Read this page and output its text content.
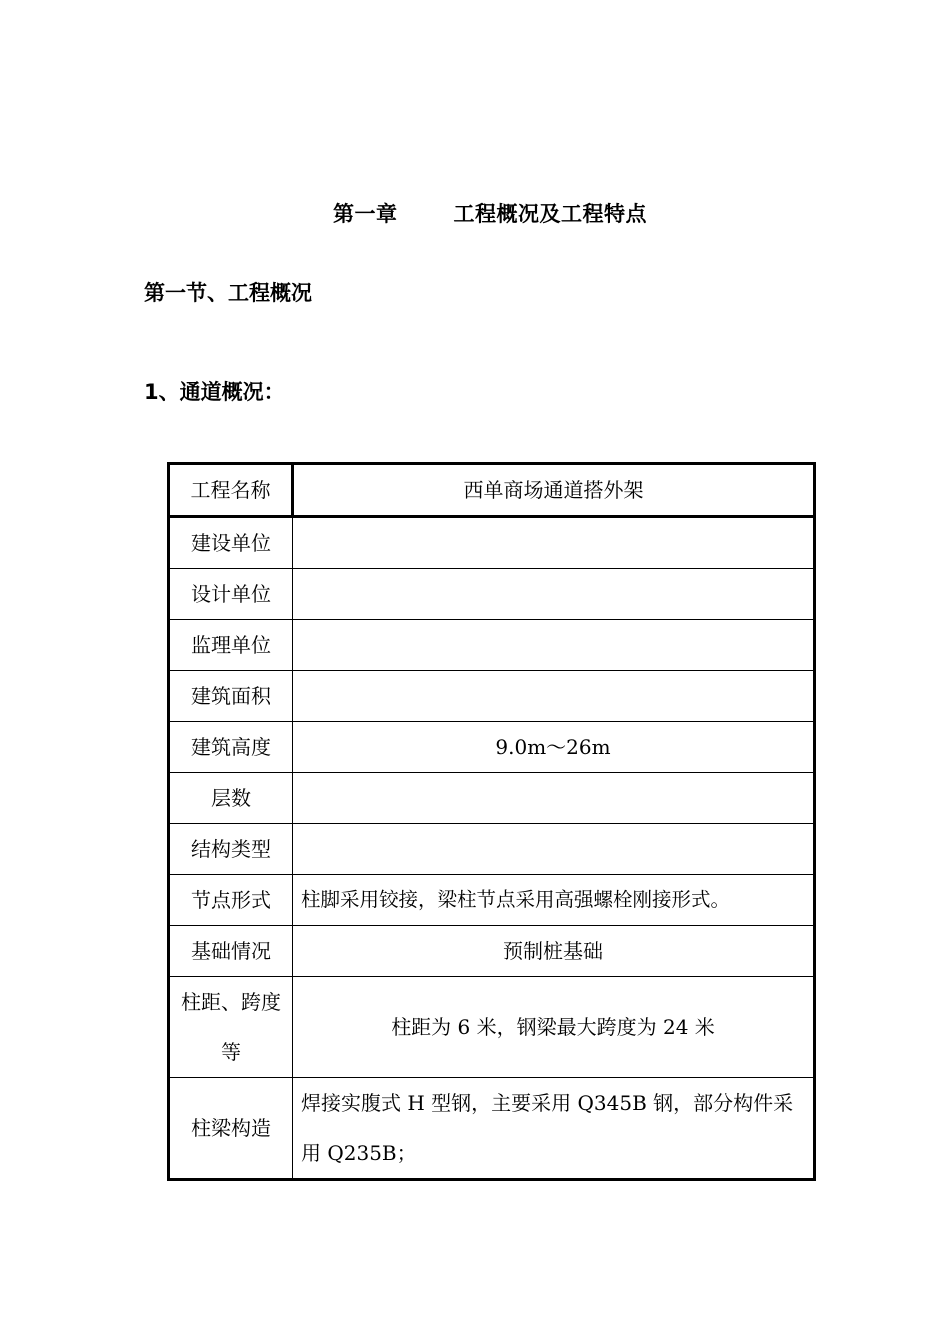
第一章	工程概况及工程特点
第一节、工程概况
1、通道概况：
工程名称	西单商场通道搭外架
建设单位	
设计单位	
监理单位	
建筑面积	
建筑高度	9.0m～26m
层数	
结构类型	
节点形式	柱脚采用铰接，梁柱节点采用高强螺栓刚接形式。
基础情况	预制桩基础
柱距、跨度等	柱距为 6 米，钢梁最大跨度为 24 米
柱梁构造	焊接实腹式 H 型钢，主要采用 Q345B 钢，部分构件采用 Q235B；
